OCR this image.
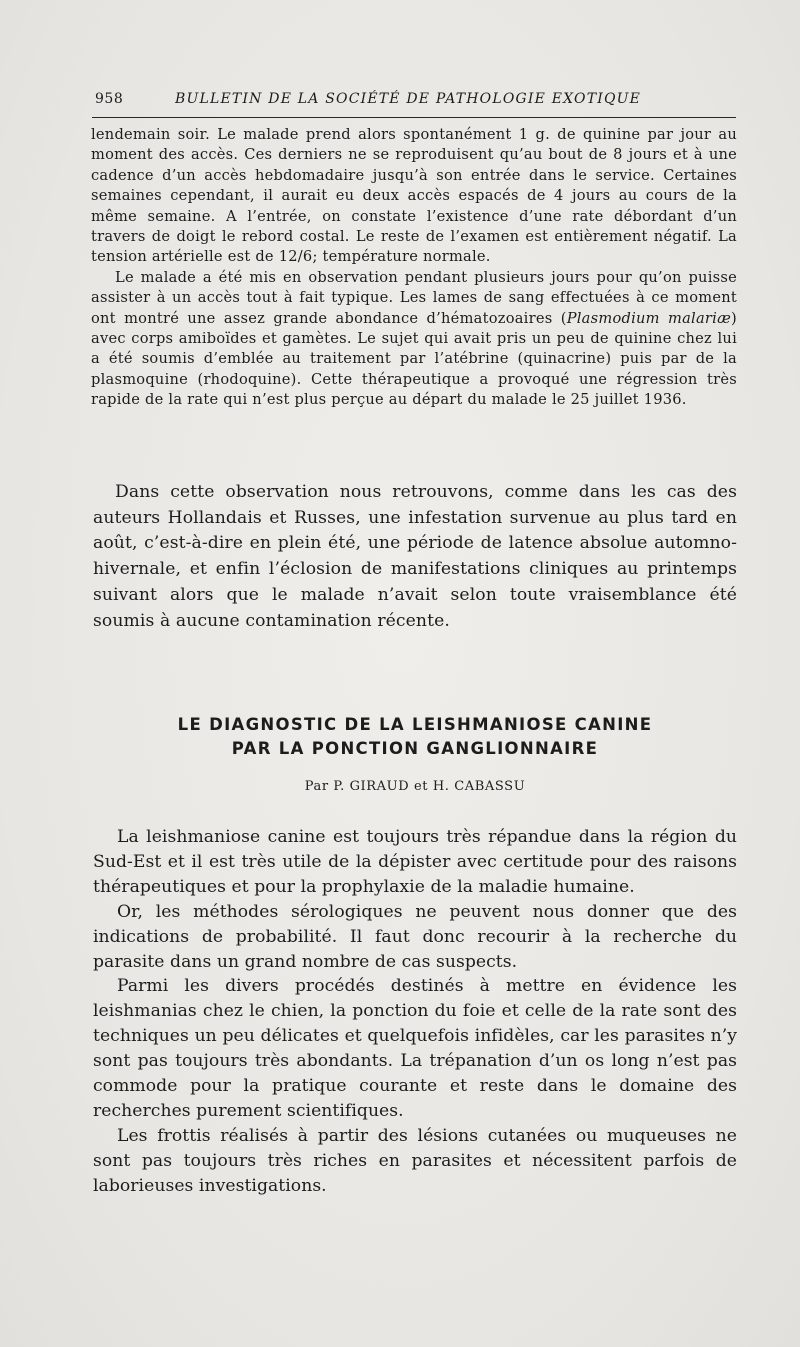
958	BULLETIN DE LA SOCIÉTÉ DE PATHOLOGIE EXOTIQUE

lendemain soir. Le malade prend alors spontanément 1 g. de quinine par jour au moment des accès. Ces derniers ne se reproduisent qu’au bout de 8 jours et à une cadence d’un accès hebdomadaire jusqu’à son entrée dans le service. Certaines semaines cependant, il aurait eu deux accès espacés de 4 jours au cours de la même semaine. A l’entrée, on constate l’existence d’une rate débordant d’un travers de doigt le rebord costal. Le reste de l’examen est entièrement négatif. La tension artérielle est de 12/6; température normale.

Le malade a été mis en observation pendant plusieurs jours pour qu’on puisse assister à un accès tout à fait typique. Les lames de sang effectuées à ce moment ont montré une assez grande abondance d’hématozoaires (Plasmodium malariæ) avec corps amiboïdes et gamètes. Le sujet qui avait pris un peu de quinine chez lui a été soumis d’emblée au traitement par l’atébrine (quinacrine) puis par de la plasmoquine (rhodoquine). Cette thérapeutique a provoqué une régression très rapide de la rate qui n’est plus perçue au départ du malade le 25 juillet 1936.

Dans cette observation nous retrouvons, comme dans les cas des auteurs Hollandais et Russes, une infestation survenue au plus tard en août, c’est-à-dire en plein été, une période de latence absolue automno-hivernale, et enfin l’éclosion de manifestations cliniques au printemps suivant alors que le malade n’avait selon toute vraisemblance été soumis à aucune contamination récente.

LE DIAGNOSTIC DE LA LEISHMANIOSE CANINE
PAR LA PONCTION GANGLIONNAIRE
Par P. GIRAUD et H. CABASSU

La leishmaniose canine est toujours très répandue dans la région du Sud-Est et il est très utile de la dépister avec certitude pour des raisons thérapeutiques et pour la prophylaxie de la maladie humaine.

Or, les méthodes sérologiques ne peuvent nous donner que des indications de probabilité. Il faut donc recourir à la recherche du parasite dans un grand nombre de cas suspects.

Parmi les divers procédés destinés à mettre en évidence les leishmanias chez le chien, la ponction du foie et celle de la rate sont des techniques un peu délicates et quelquefois infidèles, car les parasites n’y sont pas toujours très abondants. La trépanation d’un os long n’est pas commode pour la pratique courante et reste dans le domaine des recherches purement scientifiques.

Les frottis réalisés à partir des lésions cutanées ou muqueuses ne sont pas toujours très riches en parasites et nécessitent parfois de laborieuses investigations.
